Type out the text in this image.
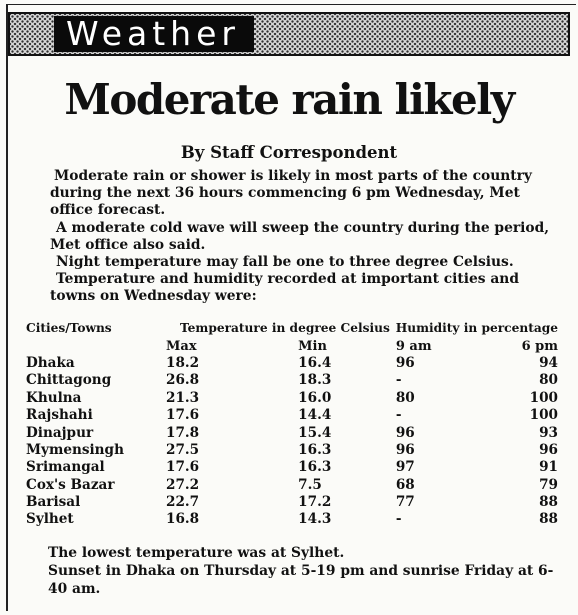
Weather
Moderate rain likely
By Staff Correspondent

Moderate rain or shower is likely in most parts of the country during the next 36 hours commencing 6 pm Wednesday, Met office forecast.

A moderate cold wave will sweep the country during the period, Met office also said.

Night temperature may fall be one to three degree Celsius.

Temperature and humidity recorded at important cities and towns on Wednesday were:

Cities/Towns	Temperature in degree Celsius		Humidity in percentage	
	Max	Min	9 am	6 pm
Dhaka	18.2	16.4	96	94
Chittagong	26.8	18.3	-	80
Khulna	21.3	16.0	80	100
Rajshahi	17.6	14.4	-	100
Dinajpur	17.8	15.4	96	93
Mymensingh	27.5	16.3	96	96
Srimangal	17.6	16.3	97	91
Cox's Bazar	27.2	7.5	68	79
Barisal	22.7	17.2	77	88
Sylhet	16.8	14.3	-	88

The lowest temperature was at Sylhet.

Sunset in Dhaka on Thursday at 5-19 pm and sunrise Friday at 6-40 am.
